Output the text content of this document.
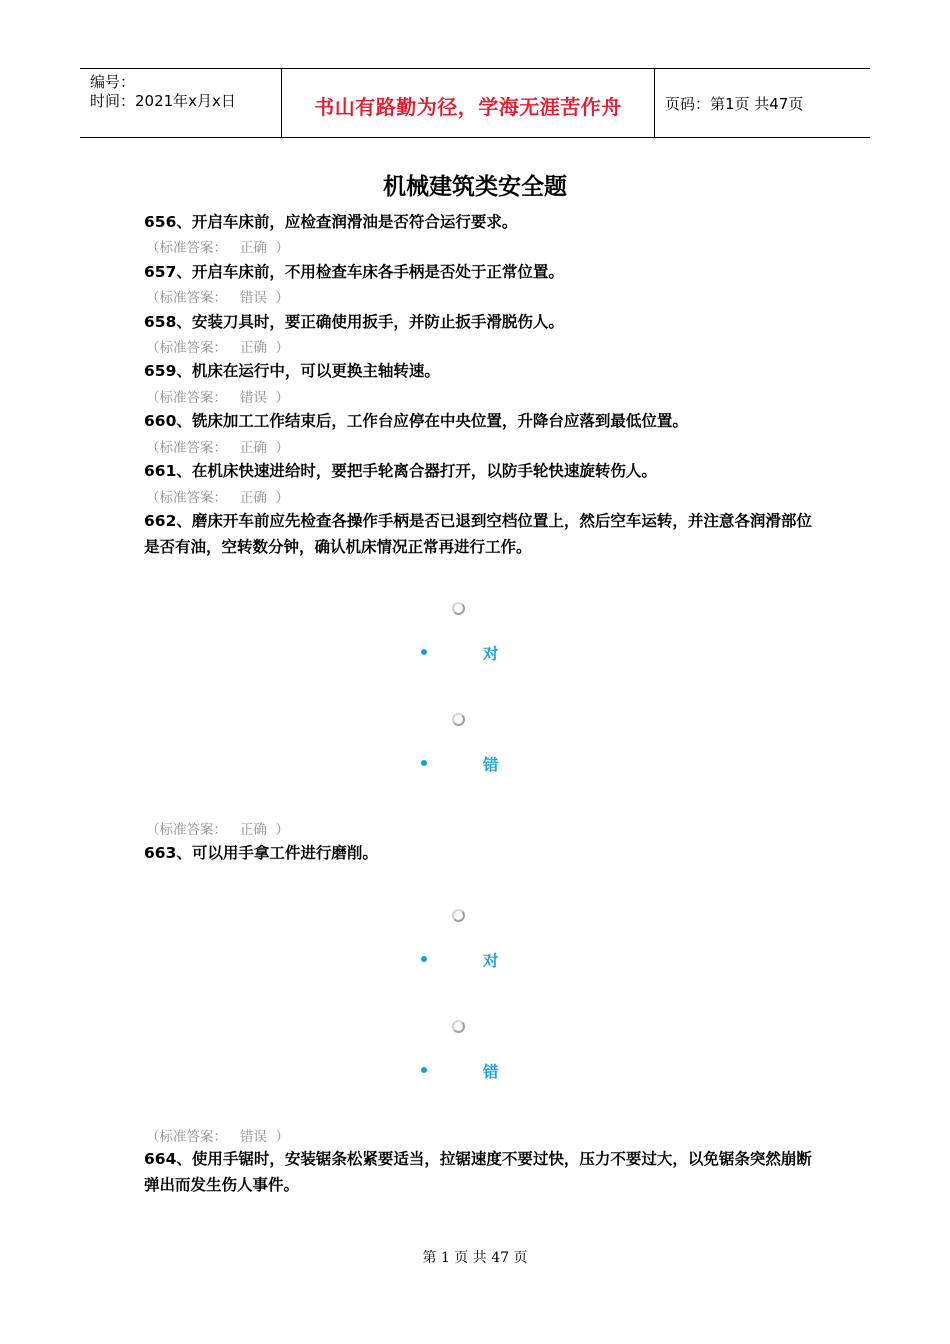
编号：
时间：2021年x月x日	书山有路勤为径，学海无涯苦作舟	页码：第1页 共47页
机械建筑类安全题
656、开启车床前，应检查润滑油是否符合运行要求。
（标准答案：   正确  ）
657、开启车床前，不用检查车床各手柄是否处于正常位置。
（标准答案：   错误  ）
658、安装刀具时，要正确使用扳手，并防止扳手滑脱伤人。
（标准答案：   正确  ）
659、机床在运行中，可以更换主轴转速。
（标准答案：   错误  ）
660、铣床加工工作结束后，工作台应停在中央位置，升降台应落到最低位置。
（标准答案：   正确  ）
661、在机床快速进给时，要把手轮离合器打开，以防手轮快速旋转伤人。
（标准答案：   正确  ）
662、磨床开车前应先检查各操作手柄是否已退到空档位置上，然后空车运转，并注意各润滑部位是否有油，空转数分钟，确认机床情况正常再进行工作。
对
错
（标准答案：   正确  ）
663、可以用手拿工件进行磨削。
对
错
（标准答案：   错误  ）
664、使用手锯时，安装锯条松紧要适当，拉锯速度不要过快，压力不要过大，以免锯条突然崩断弹出而发生伤人事件。
第 1 页 共 47 页
